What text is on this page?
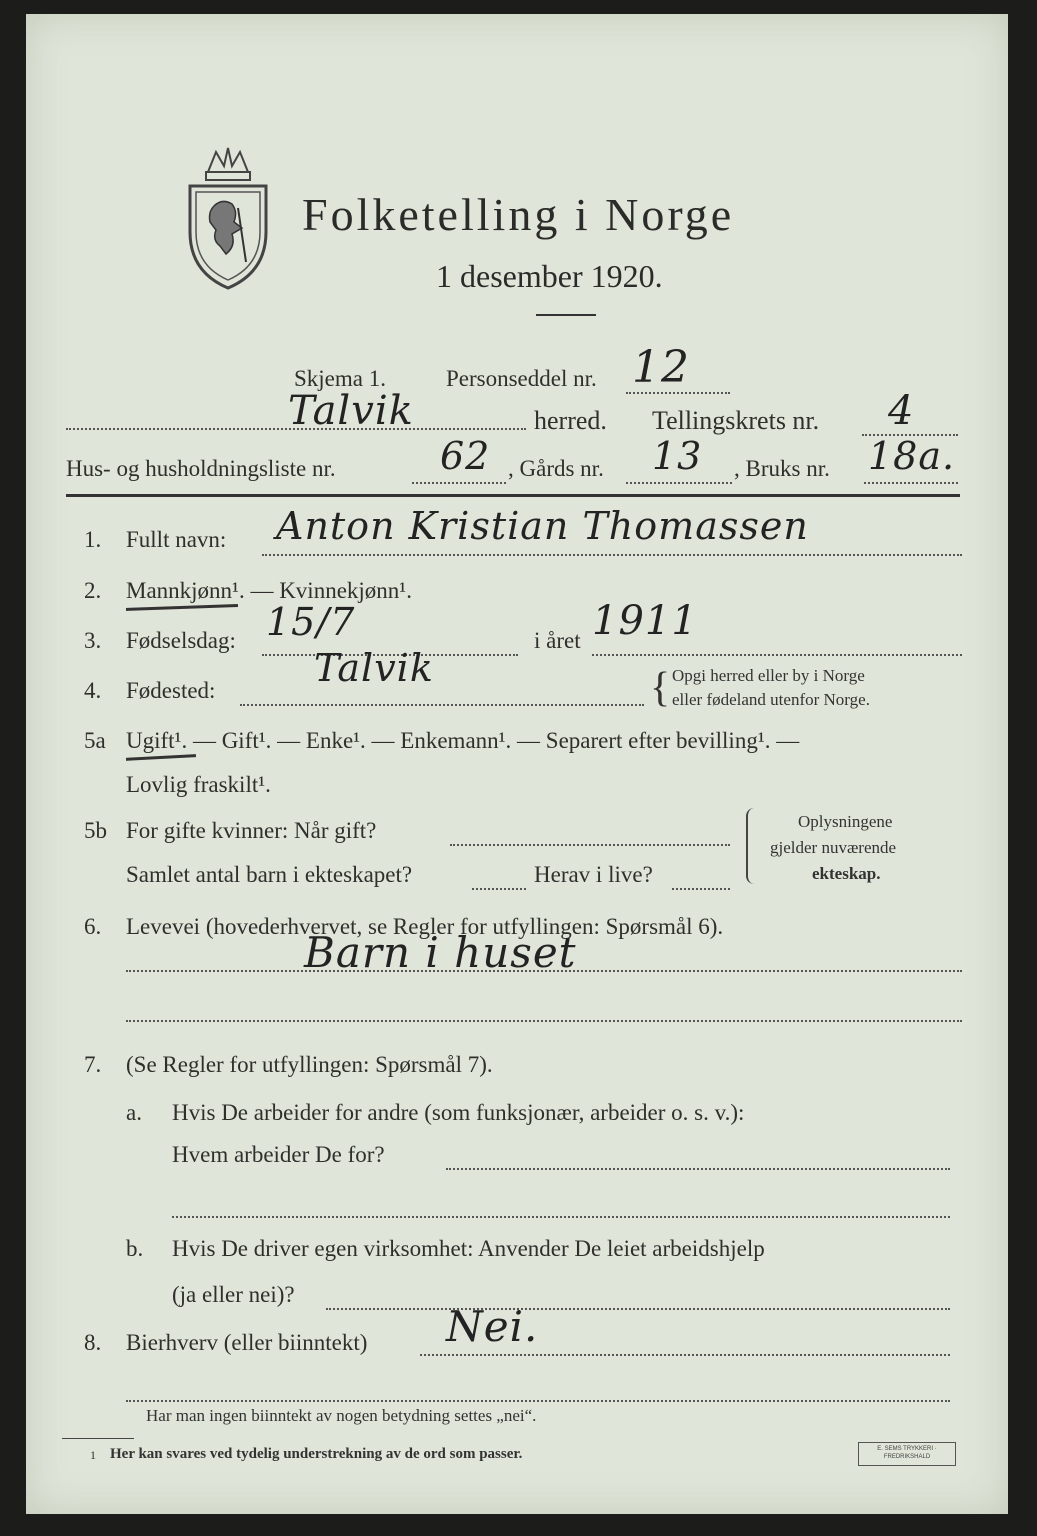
Folketelling i Norge
1 desember 1920.
Skjema 1.	Personseddel nr. 12
Talvik	herred. Tellingskrets nr. 4
Hus- og husholdningsliste nr.	62 , Gårds nr. 13 , Bruks nr. 18a.
1. Fullt navn: Anton Kristian Thomassen
2. Mannkjønn¹. — Kvinnekjønn¹.
3. Fødselsdag: 15/7	i året 1911
4. Fødested:
Talvik	{ Opgi herred eller by i Norge
eller fødeland utenfor Norge.
5a Ugift¹. — Gift¹. — Enke¹. — Enkemann¹. — Separert efter bevilling¹. —
Lovlig fraskilt¹.
5b For gifte kvinner: Når gift?
Samlet antal barn i ekteskapet?	Herav i live?
Oplysningene
gjelder nuværende
ekteskap.
6. Levevei (hovederhvervet, se Regler for utfyllingen: Spørsmål 6).
Barn i huset
7. (Se Regler for utfyllingen: Spørsmål 7).
a. Hvis De arbeider for andre (som funksjonær, arbeider o. s. v.):
Hvem arbeider De for?
b. Hvis De driver egen virksomhet: Anvender De leiet arbeidshjelp
(ja eller nei)?
8. Bierhverv (eller biinntekt) Nei.
Har man ingen biinntekt av nogen betydning settes „nei“.
1 Her kan svares ved tydelig understrekning av de ord som passer.	E. SEMS TRYKKERI · FREDRIKSHALD
